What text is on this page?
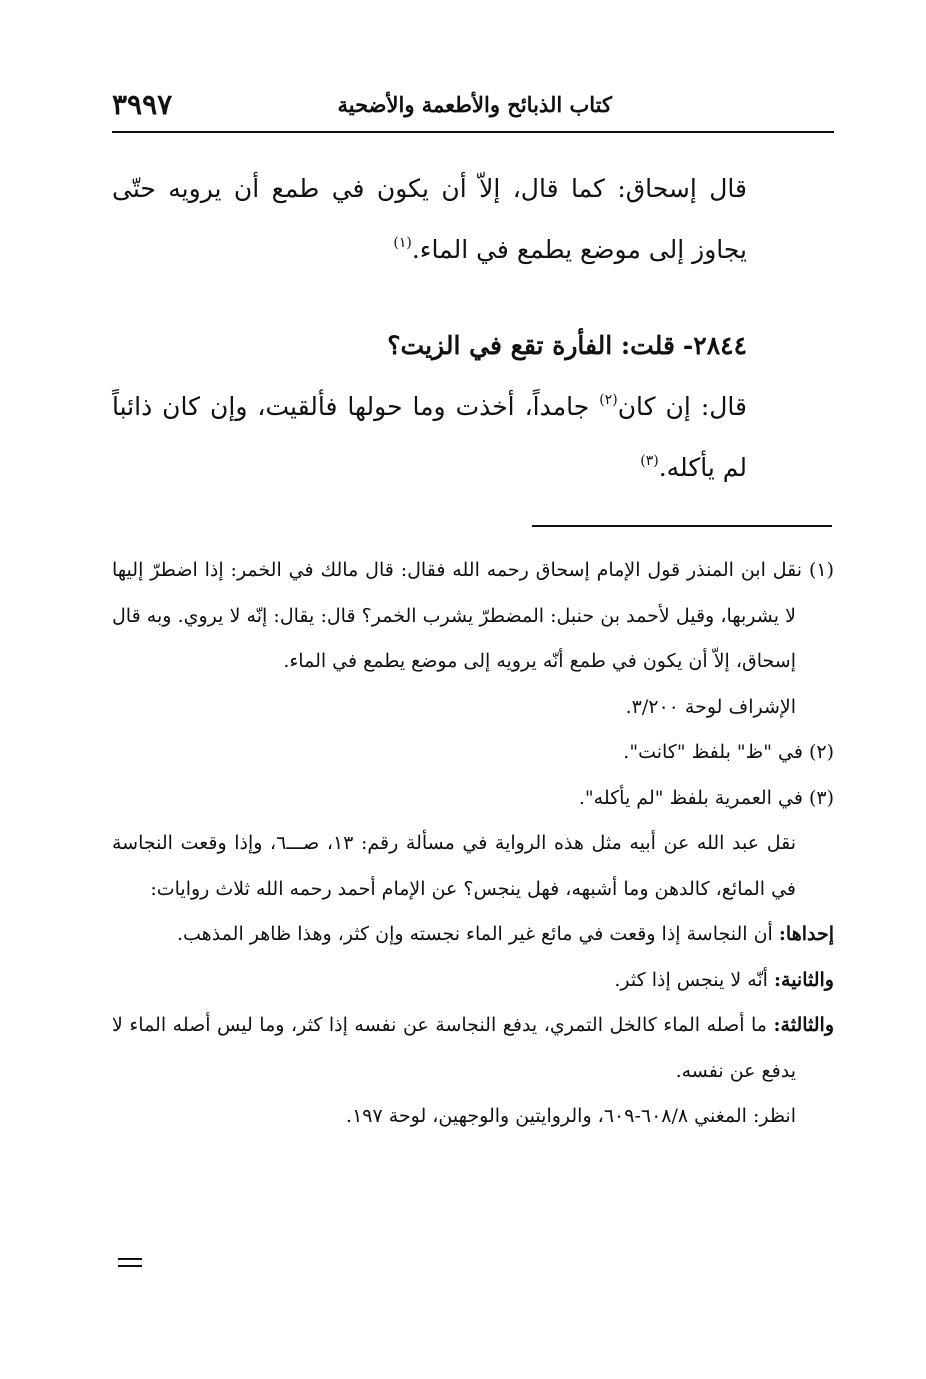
كتاب الذبائح والأطعمة والأضحية
٣٩٩٧

قال إسحاق: كما قال، إلاّ أن يكون في طمع أن يرويه حتّى يجاوز إلى موضع يطمع في الماء.$^{(١)}$

٢٨٤٤- قلت: الفأرة تقع في الزيت؟

قال: إن كان$^{(٢)}$ جامداً، أخذت وما حولها فألقيت، وإن كان ذائباً لم يأكله.$^{(٣)}$

(١) نقل ابن المنذر قول الإمام إسحاق رحمه الله فقال: قال مالك في الخمر: إذا اضطرّ إليها لا يشربها، وقيل لأحمد بن حنبل: المضطرّ يشرب الخمر؟ قال: يقال: إنّه لا يروي. وبه قال إسحاق، إلاّ أن يكون في طمع أنّه يرويه إلى موضع يطمع في الماء.

الإشراف لوحة ٣/٢٠٠.

(٢) في "ظ" بلفظ "كانت".

(٣) في العمرية بلفظ "لم يأكله".

نقل عبد الله عن أبيه مثل هذه الرواية في مسألة رقم: ١٣، صـــ٦، وإذا وقعت النجاسة في المائع، كالدهن وما أشبهه، فهل ينجس؟ عن الإمام أحمد رحمه الله ثلاث روايات:

إحداها: أن النجاسة إذا وقعت في مائع غير الماء نجسته وإن كثر، وهذا ظاهر المذهب.

والثانية: أنّه لا ينجس إذا كثر.

والثالثة: ما أصله الماء كالخل التمري، يدفع النجاسة عن نفسه إذا كثر، وما ليس أصله الماء لا يدفع عن نفسه.

انظر: المغني ٦٠٨/٨-٦٠٩، والروايتين والوجهين، لوحة ١٩٧.
